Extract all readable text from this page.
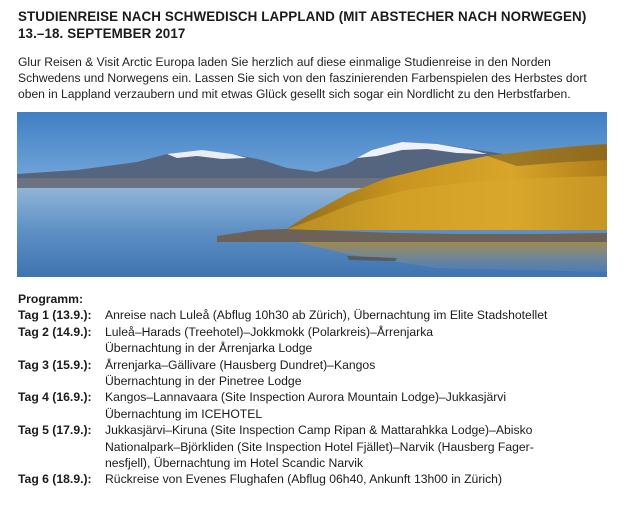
STUDIENREISE NACH SCHWEDISCH LAPPLAND (MIT ABSTECHER NACH NORWEGEN)
13.–18. SEPTEMBER 2017
Glur Reisen & Visit Arctic Europa laden Sie herzlich auf diese einmalige Studienreise in den Norden
Schwedens und Norwegens ein. Lassen Sie sich von den faszinierenden Farbenspielen des Herbstes dort
oben in Lappland verzaubern und mit etwas Glück gesellt sich sogar ein Nordlicht zu den Herbstfarben.
Programm:
Tag 1 (13.9.):	Anreise nach Luleå (Abflug 10h30 ab Zürich), Übernachtung im Elite Stadshotellet
Tag 2 (14.9.):	Luleå–Harads (Treehotel)–Jokkmokk (Polarkreis)–Årrenjarka
Übernachtung in der Årrenjarka Lodge
Tag 3 (15.9.):	Årrenjarka–Gällivare (Hausberg Dundret)–Kangos
Übernachtung in der Pinetree Lodge
Tag 4 (16.9.):	Kangos–Lannavaara (Site Inspection Aurora Mountain Lodge)–Jukkasjärvi
Übernachtung im ICEHOTEL
Tag 5 (17.9.):	Jukkasjärvi–Kiruna (Site Inspection Camp Ripan & Mattarahkka Lodge)–Abisko
Nationalpark–Björkliden (Site Inspection Hotel Fjället)–Narvik (Hausberg Fager-
nesfjell), Übernachtung im Hotel Scandic Narvik
Tag 6 (18.9.):	Rückreise von Evenes Flughafen (Abflug 06h40, Ankunft 13h00 in Zürich)
